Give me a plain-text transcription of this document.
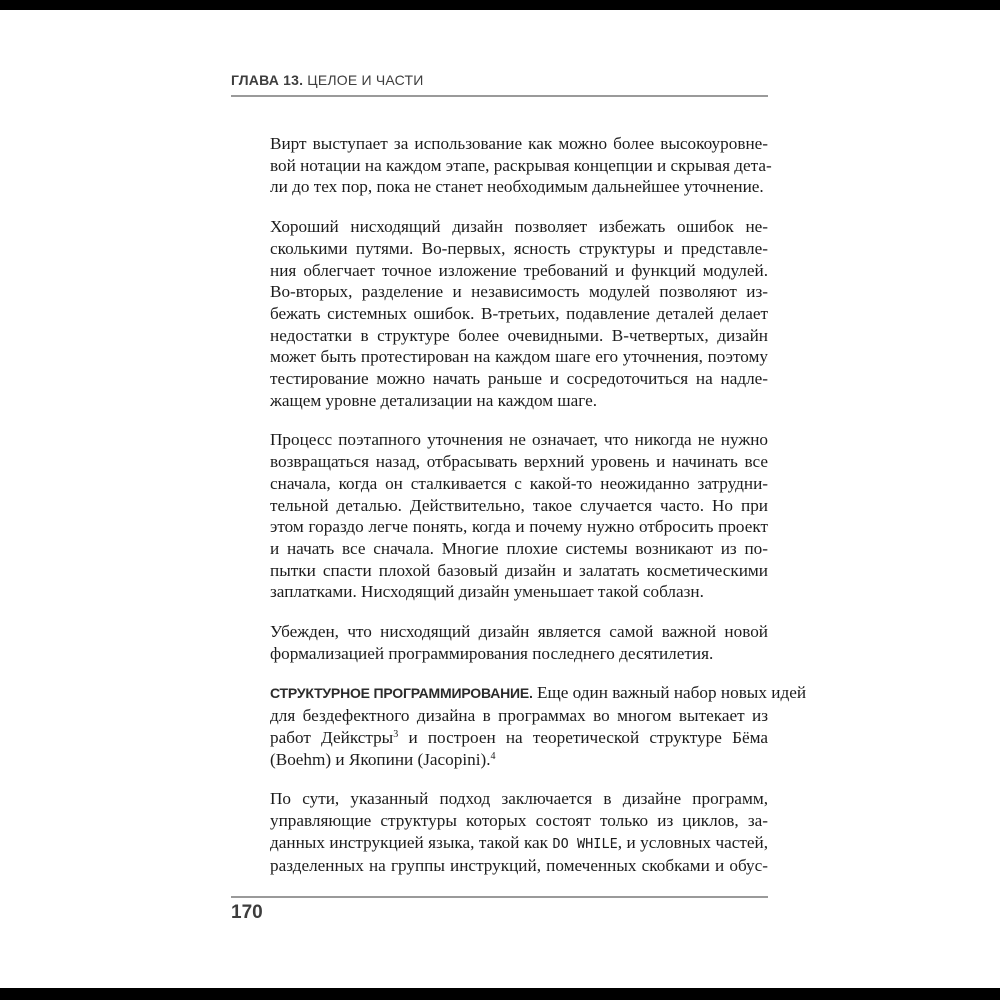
ГЛАВА 13. ЦЕЛОЕ И ЧАСТИ

Вирт выступает за использование как можно более высокоуровне-
вой нотации на каждом этапе, раскрывая концепции и скрывая дета-
ли до тех пор, пока не станет необходимым дальнейшее уточнение.

Хороший нисходящий дизайн позволяет избежать ошибок не-
сколькими путями. Во-первых, ясность структуры и представле-
ния облегчает точное изложение требований и функций модулей.
Во-вторых, разделение и независимость модулей позволяют из-
бежать системных ошибок. В-третьих, подавление деталей делает
недостатки в структуре более очевидными. В-четвертых, дизайн
может быть протестирован на каждом шаге его уточнения, поэтому
тестирование можно начать раньше и сосредоточиться на надле-
жащем уровне детализации на каждом шаге.

Процесс поэтапного уточнения не означает, что никогда не нужно
возвращаться назад, отбрасывать верхний уровень и начинать все
сначала, когда он сталкивается с какой-то неожиданно затрудни-
тельной деталью. Действительно, такое случается часто. Но при
этом гораздо легче понять, когда и почему нужно отбросить проект
и начать все сначала. Многие плохие системы возникают из по-
пытки спасти плохой базовый дизайн и залатать косметическими
заплатками. Нисходящий дизайн уменьшает такой соблазн.

Убежден, что нисходящий дизайн является самой важной новой
формализацией программирования последнего десятилетия.

СТРУКТУРНОЕ ПРОГРАММИРОВАНИЕ. Еще один важный набор новых идей
для бездефектного дизайна в программах во многом вытекает из
работ Дейкстры$^3$ и построен на теоретической структуре Бёма
(Boehm) и Якопини (Jacopini).$^4$

По сути, указанный подход заключается в дизайне программ,
управляющие структуры которых состоят только из циклов, за-
данных инструкцией языка, такой как DO WHILE, и условных частей,
разделенных на группы инструкций, помеченных скобками и обус-

170
